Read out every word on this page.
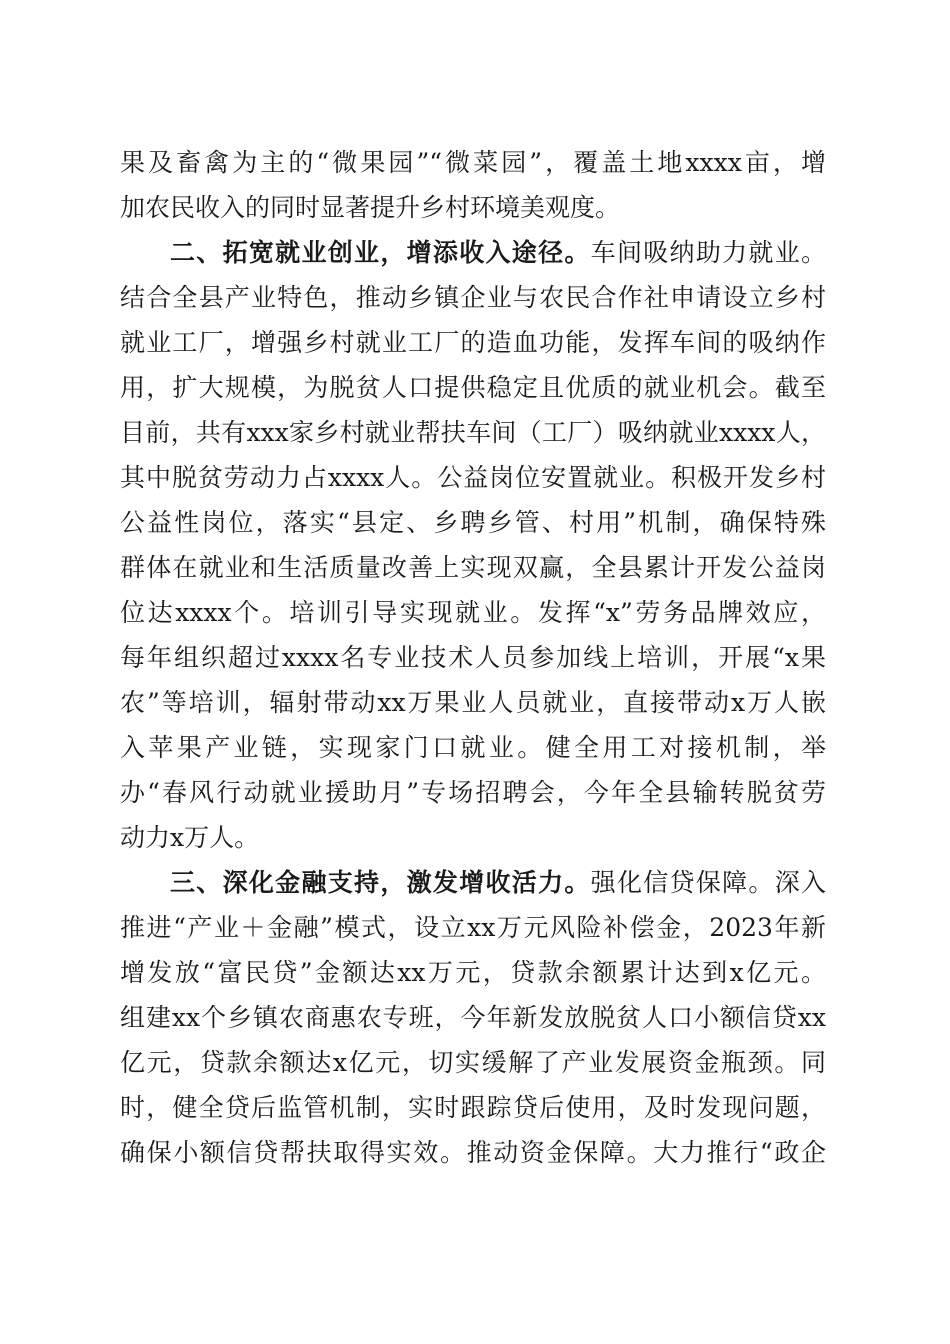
果及畜禽为主的“微果园”“微菜园”，覆盖土地xxxx亩，增
加农民收入的同时显著提升乡村环境美观度。
二、拓宽就业创业，增添收入途径。车间吸纳助力就业。
结合全县产业特色，推动乡镇企业与农民合作社申请设立乡村
就业工厂，增强乡村就业工厂的造血功能，发挥车间的吸纳作
用，扩大规模，为脱贫人口提供稳定且优质的就业机会。截至
目前，共有xxx家乡村就业帮扶车间（工厂）吸纳就业xxxx人，
其中脱贫劳动力占xxxx人。公益岗位安置就业。积极开发乡村
公益性岗位，落实“县定、乡聘乡管、村用”机制，确保特殊
群体在就业和生活质量改善上实现双赢，全县累计开发公益岗
位达xxxx个。培训引导实现就业。发挥“x”劳务品牌效应，
每年组织超过xxxx名专业技术人员参加线上培训，开展“x果
农”等培训，辐射带动xx万果业人员就业，直接带动x万人嵌
入苹果产业链，实现家门口就业。健全用工对接机制，举
办“春风行动就业援助月”专场招聘会，今年全县输转脱贫劳
动力x万人。
三、深化金融支持，激发增收活力。强化信贷保障。深入
推进“产业＋金融”模式，设立xx万元风险补偿金，2023年新
增发放“富民贷”金额达xx万元，贷款余额累计达到x亿元。
组建xx个乡镇农商惠农专班，今年新发放脱贫人口小额信贷xx
亿元，贷款余额达x亿元，切实缓解了产业发展资金瓶颈。同
时，健全贷后监管机制，实时跟踪贷后使用，及时发现问题，
确保小额信贷帮扶取得实效。推动资金保障。大力推行“政企
